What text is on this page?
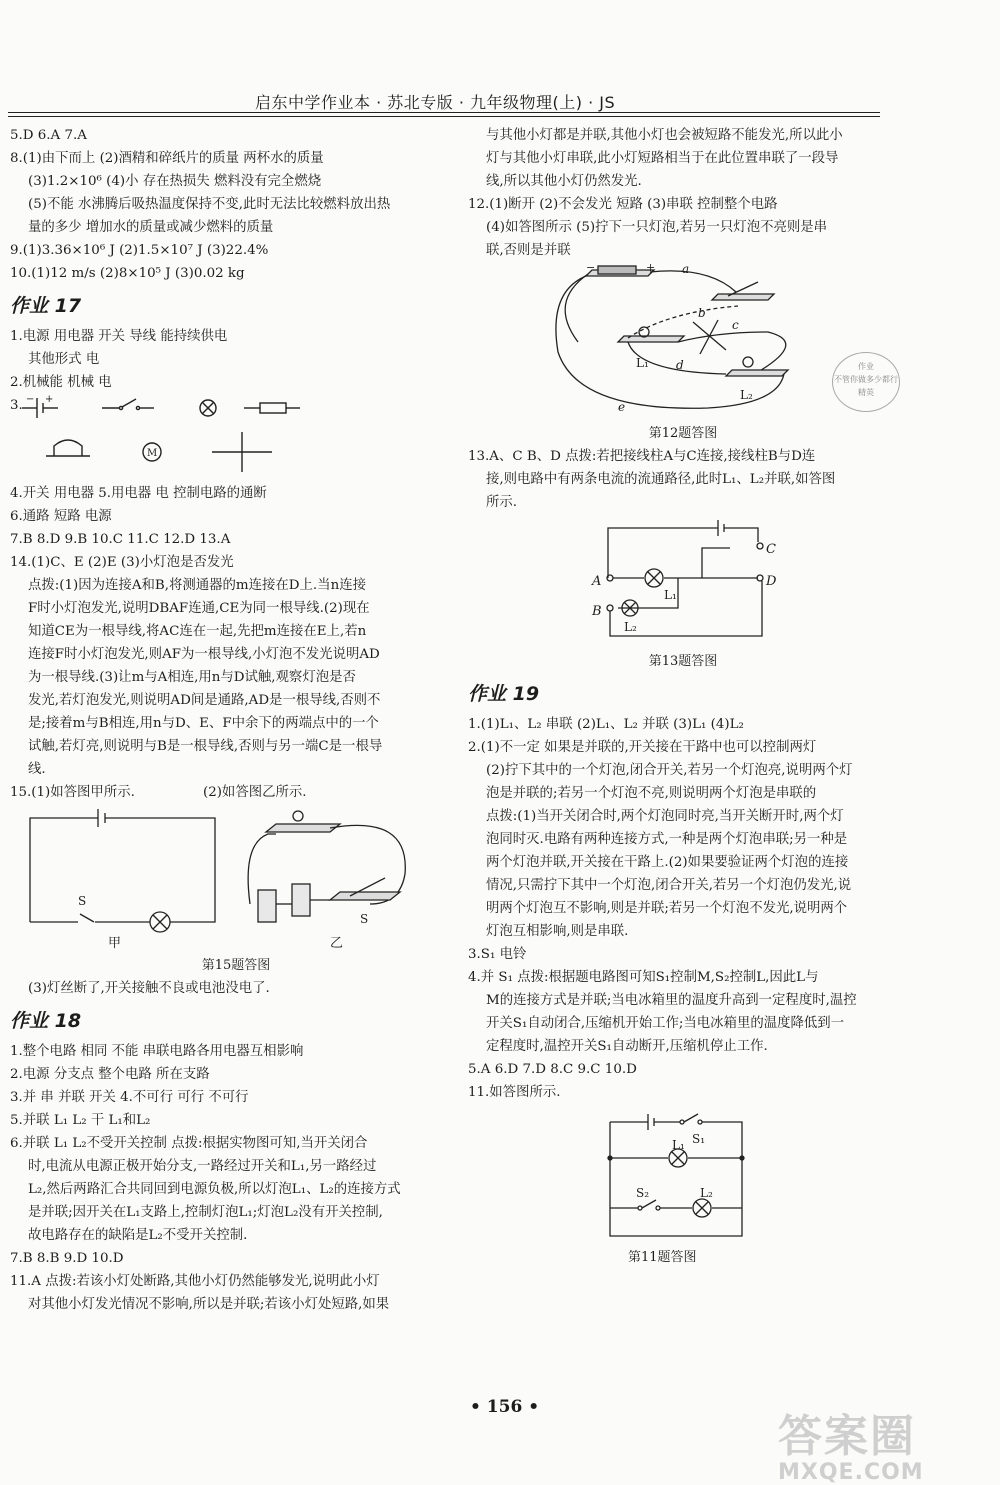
启东中学作业本 · 苏北专版 · 九年级物理(上) · JS
5.D 6.A 7.A
8.(1)由下而上 (2)酒精和碎纸片的质量 两杯水的质量
(3)1.2×10⁶ (4)小 存在热损失 燃料没有完全燃烧
(5)不能 水沸腾后吸热温度保持不变,此时无法比较燃料放出热
量的多少 增加水的质量或减少燃料的质量
9.(1)3.36×10⁶ J (2)1.5×10⁷ J (3)22.4%
10.(1)12 m/s (2)8×10⁵ J (3)0.02 kg
作业 17
1.电源 用电器 开关 导线 能持续供电
其他形式 电
2.机械能 机械 电
3. − +
M
4.开关 用电器 5.用电器 电 控制电路的通断
6.通路 短路 电源
7.B 8.D 9.B 10.C 11.C 12.D 13.A
14.(1)C、E (2)E (3)小灯泡是否发光
点拨:(1)因为连接A和B,将测通器的m连接在D上.当n连接
F时小灯泡发光,说明DBAF连通,CE为同一根导线.(2)现在
知道CE为一根导线,将AC连在一起,先把m连接在E上,若n
连接F时小灯泡发光,则AF为一根导线,小灯泡不发光说明AD
为一根导线.(3)让m与A相连,用n与D试触,观察灯泡是否
发光,若灯泡发光,则说明AD间是通路,AD是一根导线,否则不
是;接着m与B相连,用n与D、E、F中余下的两端点中的一个
试触,若灯亮,则说明与B是一根导线,否则与另一端C是一根导
线.
15.(1)如答图甲所示.                (2)如答图乙所示.
S
甲
S
乙
第15题答图
(3)灯丝断了,开关接触不良或电池没电了.
作业 18
1.整个电路 相同 不能 串联电路各用电器互相影响
2.电源 分支点 整个电路 所在支路
3.并 串 并联 开关 4.不可行 可行 不可行
5.并联 L₁ L₂ 干 L₁和L₂
6.并联 L₁ L₂不受开关控制 点拨:根据实物图可知,当开关闭合
时,电流从电源正极开始分支,一路经过开关和L₁,另一路经过
L₂,然后两路汇合共同回到电源负极,所以灯泡L₁、L₂的连接方式
是并联;因开关在L₁支路上,控制灯泡L₁;灯泡L₂没有开关控制,
故电路存在的缺陷是L₂不受开关控制.
7.B 8.B 9.D 10.D
11.A 点拨:若该小灯处断路,其他小灯仍然能够发光,说明此小灯
对其他小灯发光情况不影响,所以是并联;若该小灯处短路,如果
与其他小灯都是并联,其他小灯也会被短路不能发光,所以此小
灯与其他小灯串联,此小灯短路相当于在此位置串联了一段导
线,所以其他小灯仍然发光.
12.(1)断开 (2)不会发光 短路 (3)串联 控制整个电路
(4)如答图所示 (5)拧下一只灯泡,若另一只灯泡不亮则是串
联,否则是并联
−	+ a
b
c
d
e
L₁
L₂
第12题答图
13.A、C B、D 点拨:若把接线柱A与C连接,接线柱B与D连
接,则电路中有两条电流的流通路径,此时L₁、L₂并联,如答图
所示.
A
B
C
D
L₁
L₂
第13题答图
作业 19
1.(1)L₁、L₂ 串联 (2)L₁、L₂ 并联 (3)L₁ (4)L₂
2.(1)不一定 如果是并联的,开关接在干路中也可以控制两灯
(2)拧下其中的一个灯泡,闭合开关,若另一个灯泡亮,说明两个灯
泡是并联的;若另一个灯泡不亮,则说明两个灯泡是串联的
点拨:(1)当开关闭合时,两个灯泡同时亮,当开关断开时,两个灯
泡同时灭.电路有两种连接方式,一种是两个灯泡串联;另一种是
两个灯泡并联,开关接在干路上.(2)如果要验证两个灯泡的连接
情况,只需拧下其中一个灯泡,闭合开关,若另一个灯泡仍发光,说
明两个灯泡互不影响,则是并联;若另一个灯泡不发光,说明两个
灯泡互相影响,则是串联.
3.S₁ 电铃
4.并 S₁ 点拨:根据题电路图可知S₁控制M,S₂控制L,因此L与
M的连接方式是并联;当电冰箱里的温度升高到一定程度时,温控
开关S₁自动闭合,压缩机开始工作;当电冰箱里的温度降低到一
定程度时,温控开关S₁自动断开,压缩机停止工作.
5.A 6.D 7.D 8.C 9.C 10.D
11.如答图所示.
S₁
L₁
S₂	L₂
第11题答图
作业
不管你做多少都行
精英
• 156 •
答案圈
MXQE.COM
